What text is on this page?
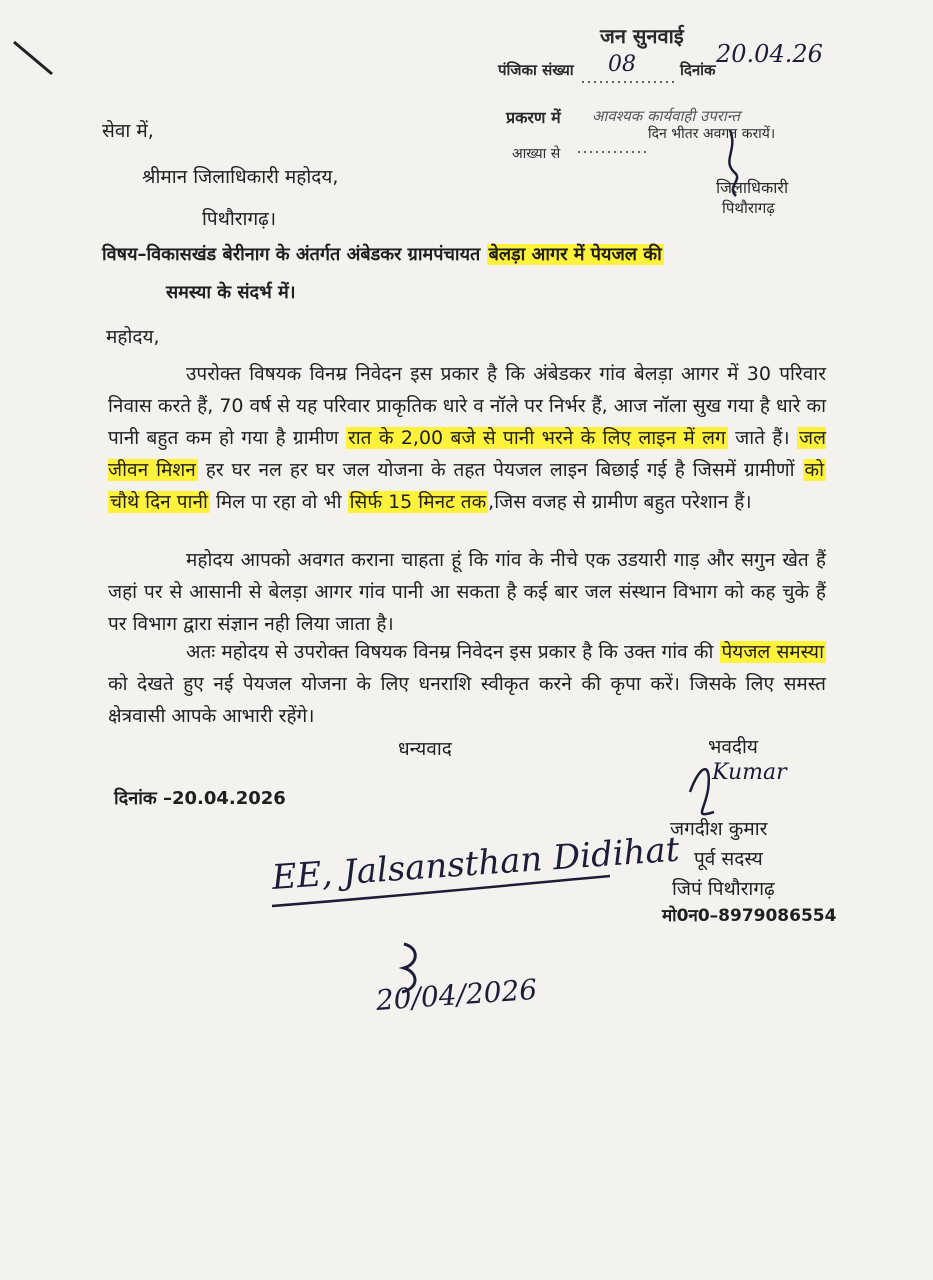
जन सुनवाई
पंजिका संख्या 08	दिनांक
20.04.26
प्रकरण में आवश्यक कार्यवाही उपरान्त
आख्या से
दिन भीतर अवगत करायें।
जिलाधिकारी
पिथौरागढ़
सेवा में,
श्रीमान जिलाधिकारी महोदय,
पिथौरागढ़।
विषय–विकासखंड बेरीनाग के अंतर्गत अंबेडकर ग्रामपंचायत बेलड़ा आगर में पेयजल की
समस्या के संदर्भ में।
महोदय,

उपरोक्त विषयक विनम्र निवेदन इस प्रकार है कि अंबेडकर गांव बेलड़ा आगर में 30 परिवार निवास करते हैं, 70 वर्ष से यह परिवार प्राकृतिक धारे व नॉले पर निर्भर हैं, आज नॉला सुख गया है धारे का पानी बहुत कम हो गया है ग्रामीण रात के 2,00 बजे से पानी भरने के लिए लाइन में लग जाते हैं। जल जीवन मिशन हर घर नल हर घर जल योजना के तहत पेयजल लाइन बिछाई गई है जिसमें ग्रामीणों को चौथे दिन पानी मिल पा रहा वो भी सिर्फ 15 मिनट तक ,जिस वजह से ग्रामीण बहुत परेशान हैं।

महोदय आपको अवगत कराना चाहता हूं कि गांव के नीचे एक उडयारी गाड़ और सगुन खेत हैं जहां पर से आसानी से बेलड़ा आगर गांव पानी आ सकता है कई बार जल संस्थान विभाग को कह चुके हैं पर विभाग द्वारा संज्ञान नही लिया जाता है।

अतः महोदय से उपरोक्त विषयक विनम्र निवेदन इस प्रकार है कि उक्त गांव की पेयजल समस्या को देखते हुए नई पेयजल योजना के लिए धनराशि स्वीकृत करने की कृपा करें। जिसके लिए समस्त क्षेत्रवासी आपके आभारी रहेंगे।

धन्यवाद	भवदीय
दिनांक –20.04.2026
Kumar
जगदीश कुमार
पूर्व सदस्य
जिपं पिथौरागढ़
मो0न0–8979086554
EE, Jalsansthan Didihat
20/04/2026
